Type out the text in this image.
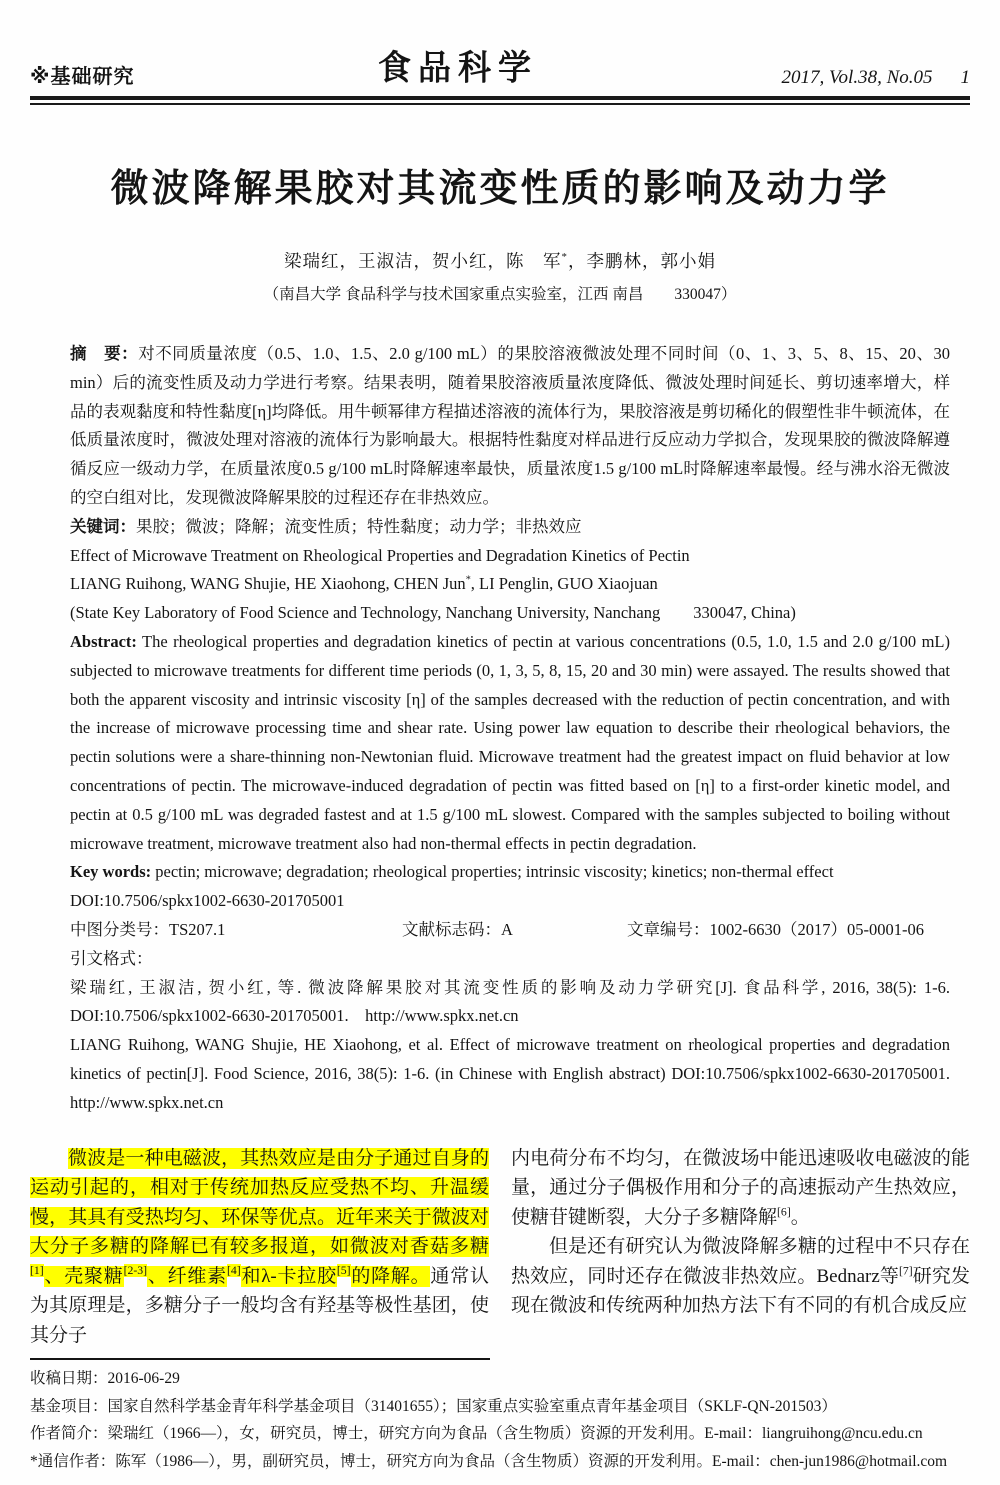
※基础研究	食品科学	2017, Vol.38, No.05 1
微波降解果胶对其流变性质的影响及动力学
梁瑞红，王淑洁，贺小红，陈　军*，李鹏林，郭小娟
（南昌大学 食品科学与技术国家重点实验室，江西 南昌　　330047）

摘　要：对不同质量浓度（0.5、1.0、1.5、2.0 g/100 mL）的果胶溶液微波处理不同时间（0、1、3、5、8、15、20、30 min）后的流变性质及动力学进行考察。结果表明，随着果胶溶液质量浓度降低、微波处理时间延长、剪切速率增大，样品的表观黏度和特性黏度[η]均降低。用牛顿幂律方程描述溶液的流体行为，果胶溶液是剪切稀化的假塑性非牛顿流体，在低质量浓度时，微波处理对溶液的流体行为影响最大。根据特性黏度对样品进行反应动力学拟合，发现果胶的微波降解遵循反应一级动力学，在质量浓度0.5 g/100 mL时降解速率最快，质量浓度1.5 g/100 mL时降解速率最慢。经与沸水浴无微波的空白组对比，发现微波降解果胶的过程还存在非热效应。

关键词：果胶；微波；降解；流变性质；特性黏度；动力学；非热效应

Effect of Microwave Treatment on Rheological Properties and Degradation Kinetics of Pectin

LIANG Ruihong, WANG Shujie, HE Xiaohong, CHEN Jun*, LI Penglin, GUO Xiaojuan

(State Key Laboratory of Food Science and Technology, Nanchang University, Nanchang　　330047, China)

Abstract: The rheological properties and degradation kinetics of pectin at various concentrations (0.5, 1.0, 1.5 and 2.0 g/100 mL) subjected to microwave treatments for different time periods (0, 1, 3, 5, 8, 15, 20 and 30 min) were assayed. The results showed that both the apparent viscosity and intrinsic viscosity [η] of the samples decreased with the reduction of pectin concentration, and with the increase of microwave processing time and shear rate. Using power law equation to describe their rheological behaviors, the pectin solutions were a share-thinning non-Newtonian fluid. Microwave treatment had the greatest impact on fluid behavior at low concentrations of pectin. The microwave-induced degradation of pectin was fitted based on [η] to a first-order kinetic model, and pectin at 0.5 g/100 mL was degraded fastest and at 1.5 g/100 mL slowest. Compared with the samples subjected to boiling without microwave treatment, microwave treatment also had non-thermal effects in pectin degradation.

Key words: pectin; microwave; degradation; rheological properties; intrinsic viscosity; kinetics; non-thermal effect

DOI:10.7506/spkx1002-6630-201705001

中图分类号：TS207.1	文献标志码：A	文章编号：1002-6630（2017）05-0001-06

引文格式：

梁瑞红, 王淑洁, 贺小红, 等. 微波降解果胶对其流变性质的影响及动力学研究[J]. 食品科学, 2016, 38(5): 1-6. DOI:10.7506/spkx1002-6630-201705001.　http://www.spkx.net.cn

LIANG Ruihong, WANG Shujie, HE Xiaohong, et al. Effect of microwave treatment on rheological properties and degradation kinetics of pectin[J]. Food Science, 2016, 38(5): 1-6. (in Chinese with English abstract) DOI:10.7506/spkx1002-6630-201705001.　http://www.spkx.net.cn

微波是一种电磁波，其热效应是由分子通过自身的运动引起的，相对于传统加热反应受热不均、升温缓慢，其具有受热均匀、环保等优点。近年来关于微波对大分子多糖的降解已有较多报道，如微波对香菇多糖[1]、壳聚糖[2-3]、纤维素[4]和λ-卡拉胶[5]的降解。通常认为其原理是，多糖分子一般均含有羟基等极性基团，使其分子

内电荷分布不均匀，在微波场中能迅速吸收电磁波的能量，通过分子偶极作用和分子的高速振动产生热效应，使糖苷键断裂，大分子多糖降解[6]。

但是还有研究认为微波降解多糖的过程中不只存在热效应，同时还存在微波非热效应。Bednarz等[7]研究发现在微波和传统两种加热方法下有不同的有机合成反应

收稿日期：2016-06-29

基金项目：国家自然科学基金青年科学基金项目（31401655）；国家重点实验室重点青年基金项目（SKLF-QN-201503）

作者简介：梁瑞红（1966—），女，研究员，博士，研究方向为食品（含生物质）资源的开发利用。E-mail：liangruihong@ncu.edu.cn

*通信作者：陈军（1986—），男，副研究员，博士，研究方向为食品（含生物质）资源的开发利用。E-mail：chen-jun1986@hotmail.com
